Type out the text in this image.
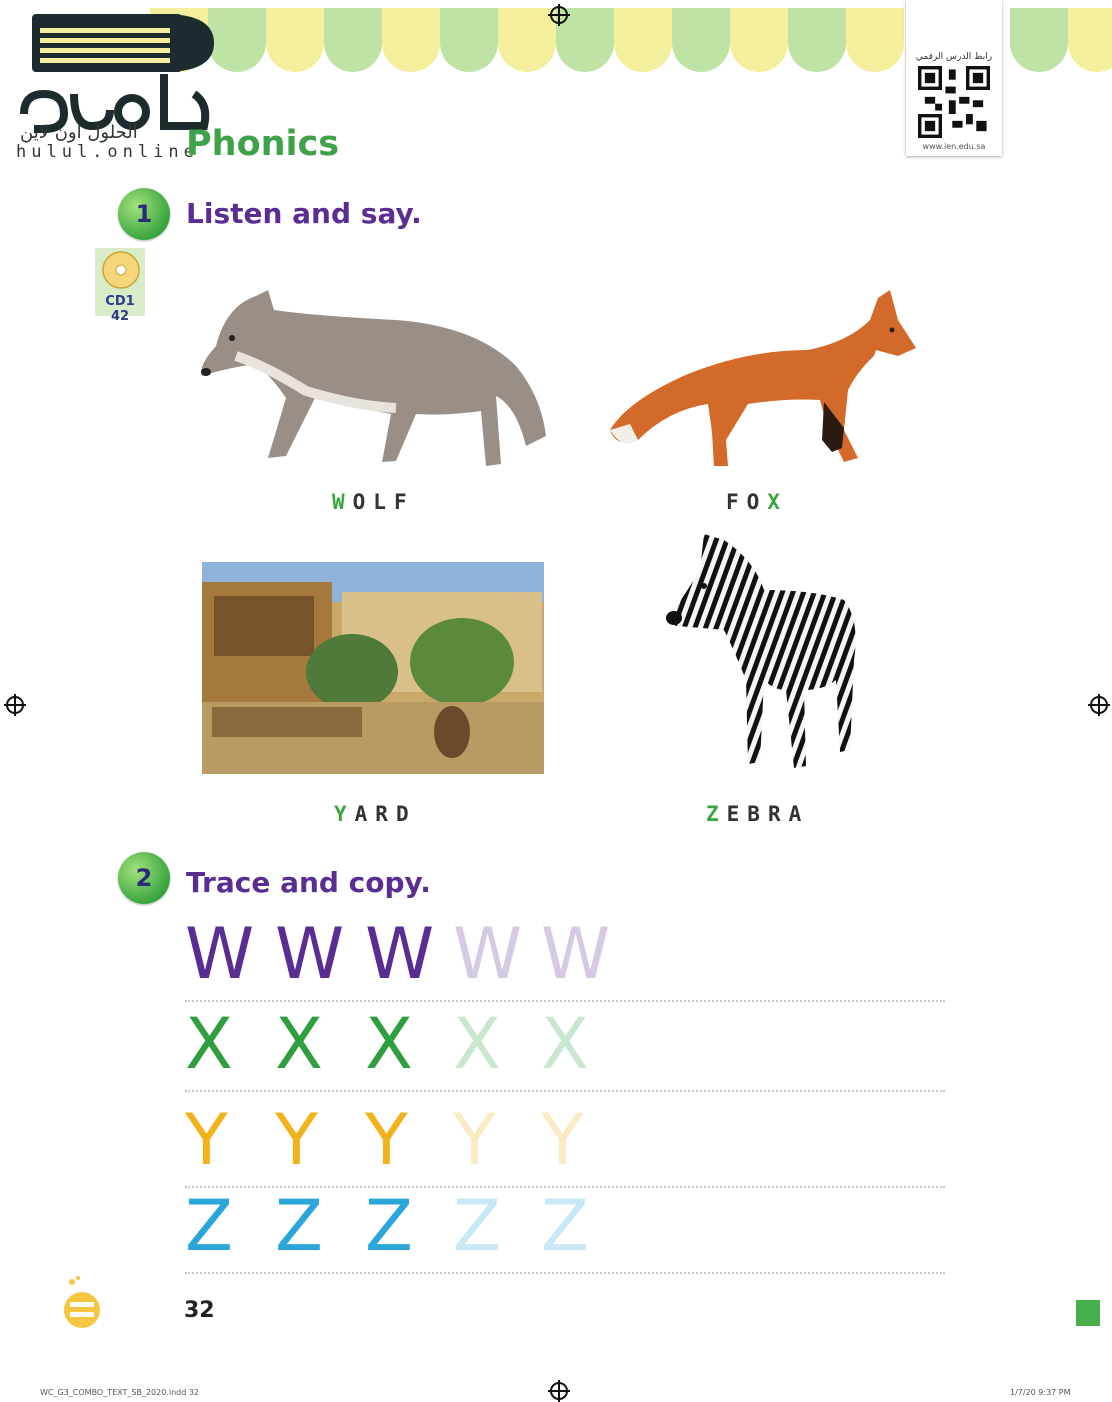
الحلول اون لاين
hulul.online
Phonics
رابط الدرس الرقمي
www.ien.edu.sa
1	Listen and say.
CD1 42
WOLF	FOX
YARD	ZEBRA
2	Trace and copy.
W W W W W
X X X X X
Y Y Y Y Y
Z Z Z Z Z
32
WC_G3_COMBO_TEXT_SB_2020.indd 32	1/7/20 9:37 PM
